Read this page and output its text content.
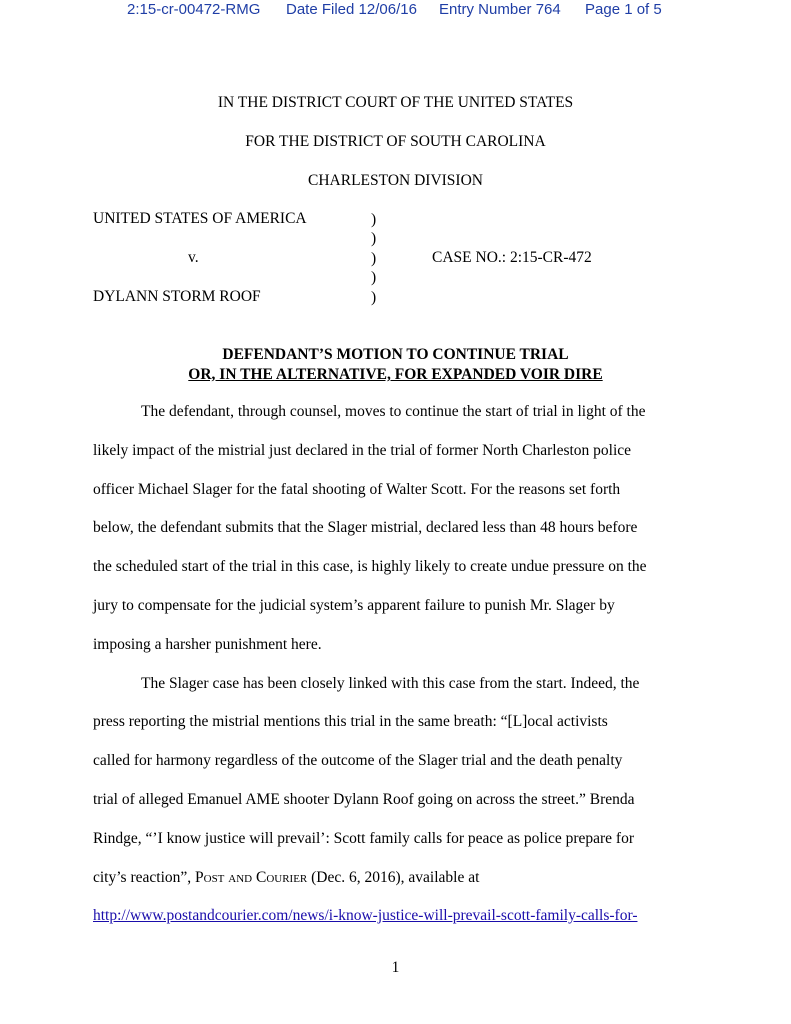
2:15-cr-00472-RMG Date Filed 12/06/16 Entry Number 764 Page 1 of 5
IN THE DISTRICT COURT OF THE UNITED STATES
FOR THE DISTRICT OF SOUTH CAROLINA
CHARLESTON DIVISION
UNITED STATES OF AMERICA
v.
DYLANN STORM ROOF
)
)
)
)
)
CASE NO.: 2:15-CR-472
DEFENDANT’S MOTION TO CONTINUE TRIAL
OR, IN THE ALTERNATIVE, FOR EXPANDED VOIR DIRE
The defendant, through counsel, moves to continue the start of trial in light of the
likely impact of the mistrial just declared in the trial of former North Charleston police
officer Michael Slager for the fatal shooting of Walter Scott. For the reasons set forth
below, the defendant submits that the Slager mistrial, declared less than 48 hours before
the scheduled start of the trial in this case, is highly likely to create undue pressure on the
jury to compensate for the judicial system’s apparent failure to punish Mr. Slager by
imposing a harsher punishment here.
The Slager case has been closely linked with this case from the start. Indeed, the
press reporting the mistrial mentions this trial in the same breath: “[L]ocal activists
called for harmony regardless of the outcome of the Slager trial and the death penalty
trial of alleged Emanuel AME shooter Dylann Roof going on across the street.” Brenda
Rindge, “’I know justice will prevail’: Scott family calls for peace as police prepare for
city’s reaction”, Post and Courier (Dec. 6, 2016), available at
http://www.postandcourier.com/news/i-know-justice-will-prevail-scott-family-calls-for-
1
